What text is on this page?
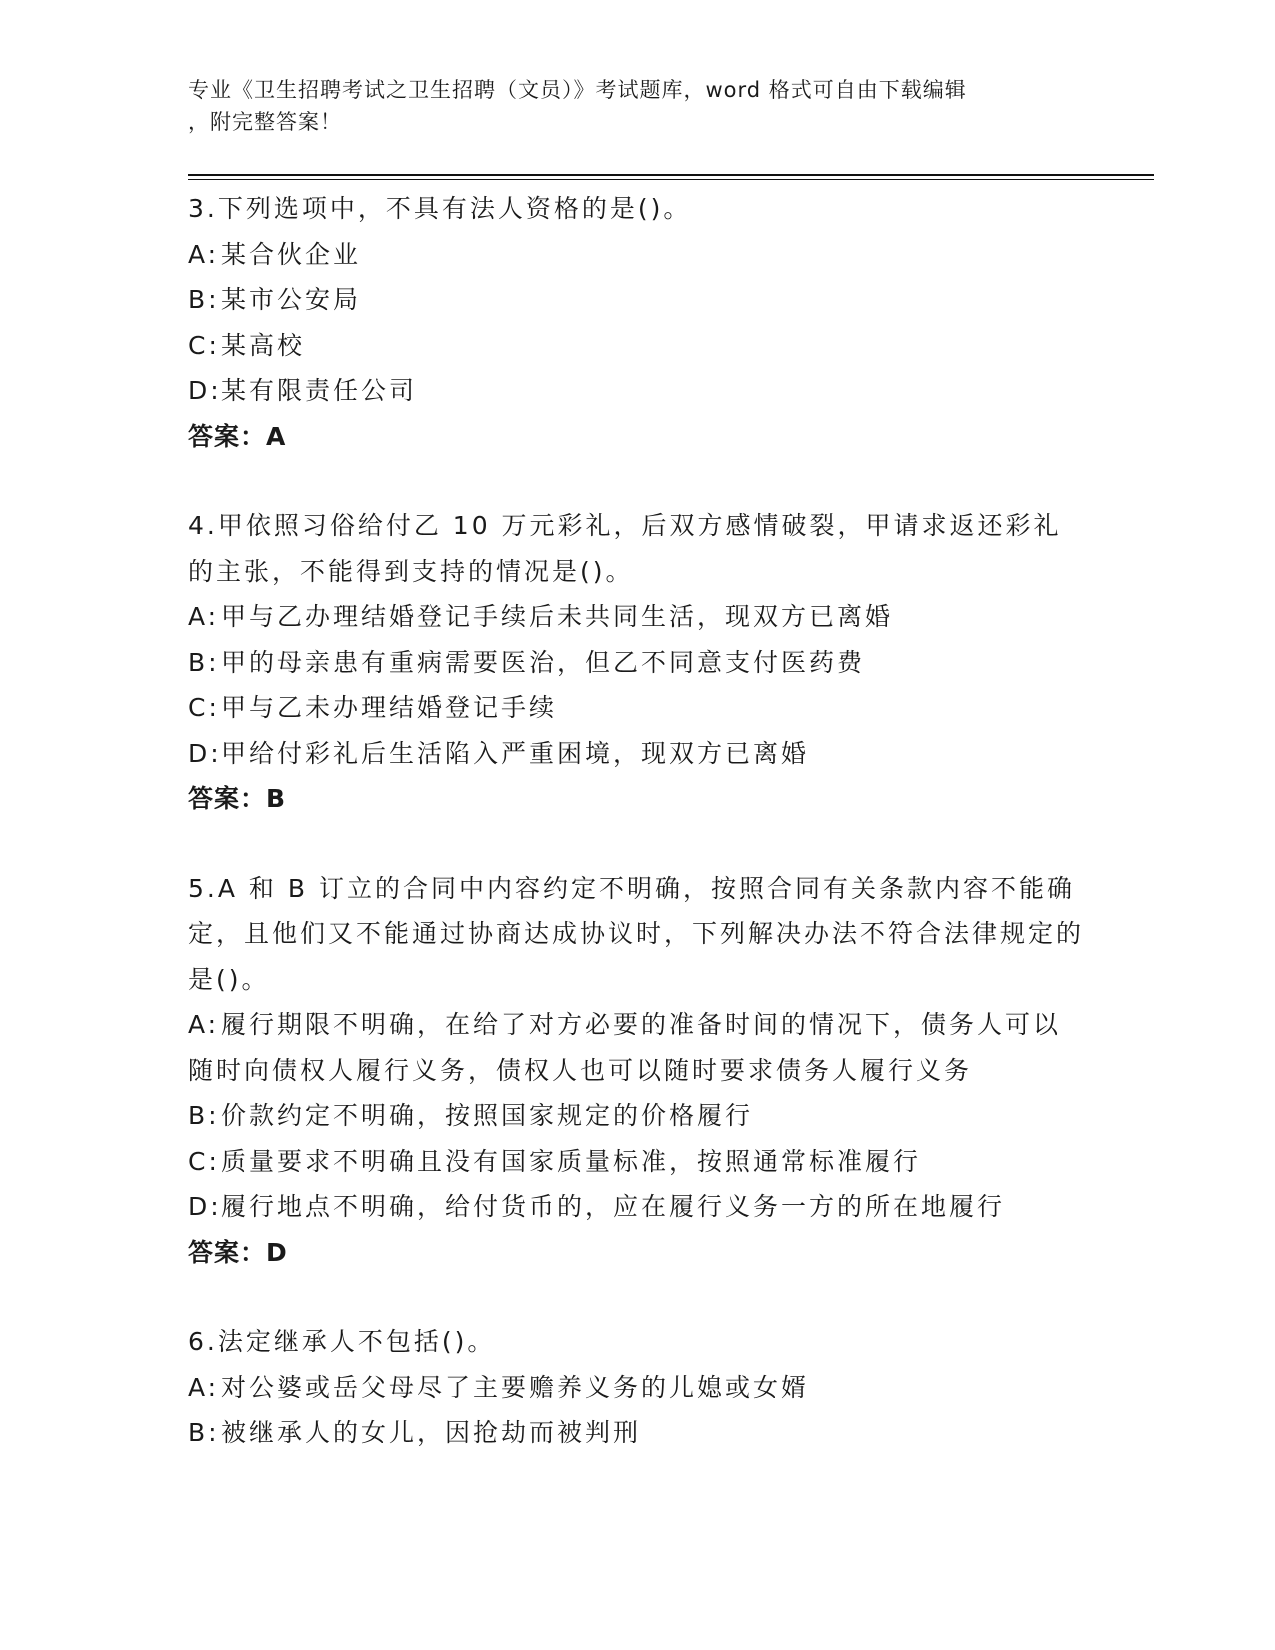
专业《卫生招聘考试之卫生招聘（文员）》考试题库，word 格式可自由下载编辑
，附完整答案！
3.下列选项中，不具有法人资格的是()。
A: 某合伙企业
B: 某市公安局
C: 某高校
D: 某有限责任公司
答案：A
4.甲依照习俗给付乙 10 万元彩礼，后双方感情破裂，甲请求返还彩礼的主张，不能得到支持的情况是()。
A: 甲与乙办理结婚登记手续后未共同生活，现双方已离婚
B: 甲的母亲患有重病需要医治，但乙不同意支付医药费
C: 甲与乙未办理结婚登记手续
D: 甲给付彩礼后生活陷入严重困境，现双方已离婚
答案：B
5.A 和 B 订立的合同中内容约定不明确，按照合同有关条款内容不能确定，且他们又不能通过协商达成协议时，下列解决办法不符合法律规定的是()。
A: 履行期限不明确，在给了对方必要的准备时间的情况下，债务人可以随时向债权人履行义务，债权人也可以随时要求债务人履行义务
B: 价款约定不明确，按照国家规定的价格履行
C: 质量要求不明确且没有国家质量标准，按照通常标准履行
D: 履行地点不明确，给付货币的，应在履行义务一方的所在地履行
答案：D
6.法定继承人不包括()。
A: 对公婆或岳父母尽了主要赡养义务的儿媳或女婿
B: 被继承人的女儿，因抢劫而被判刑
